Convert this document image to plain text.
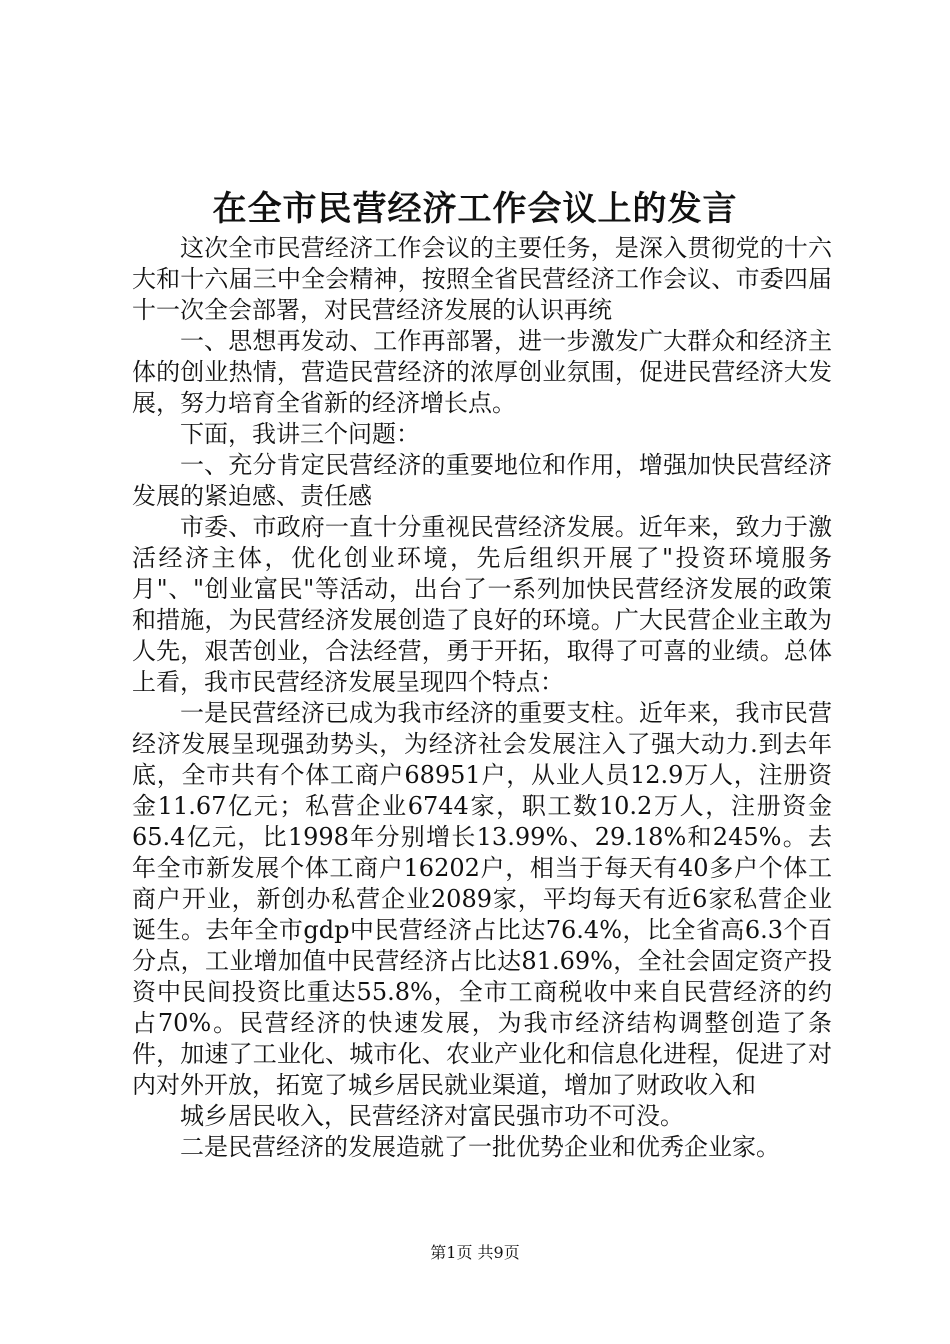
在全市民营经济工作会议上的发言

这次全市民营经济工作会议的主要任务，是深入贯彻党的十六大和十六届三中全会精神，按照全省民营经济工作会议、市委四届十一次全会部署，对民营经济发展的认识再统

一、思想再发动、工作再部署，进一步激发广大群众和经济主体的创业热情，营造民营经济的浓厚创业氛围，促进民营经济大发展，努力培育全省新的经济增长点。

下面，我讲三个问题：

一、充分肯定民营经济的重要地位和作用，增强加快民营经济发展的紧迫感、责任感

市委、市政府一直十分重视民营经济发展。近年来，致力于激活经济主体，优化创业环境，先后组织开展了"投资环境服务月"、"创业富民"等活动，出台了一系列加快民营经济发展的政策和措施，为民营经济发展创造了良好的环境。广大民营企业主敢为人先，艰苦创业，合法经营，勇于开拓，取得了可喜的业绩。总体上看，我市民营经济发展呈现四个特点：

一是民营经济已成为我市经济的重要支柱。近年来，我市民营经济发展呈现强劲势头，为经济社会发展注入了强大动力.到去年底，全市共有个体工商户68951户，从业人员12.9万人，注册资金11.67亿元；私营企业6744家，职工数10.2万人，注册资金65.4亿元，比1998年分别增长13.99%、29.18%和245%。去年全市新发展个体工商户16202户，相当于每天有40多户个体工商户开业，新创办私营企业2089家，平均每天有近6家私营企业诞生。去年全市gdp中民营经济占比达76.4%，比全省高6.3个百分点，工业增加值中民营经济占比达81.69%，全社会固定资产投资中民间投资比重达55.8%，全市工商税收中来自民营经济的约占70%。民营经济的快速发展，为我市经济结构调整创造了条件，加速了工业化、城市化、农业产业化和信息化进程，促进了对内对外开放，拓宽了城乡居民就业渠道，增加了财政收入和

城乡居民收入，民营经济对富民强市功不可没。

二是民营经济的发展造就了一批优势企业和优秀企业家。

第1页 共9页
